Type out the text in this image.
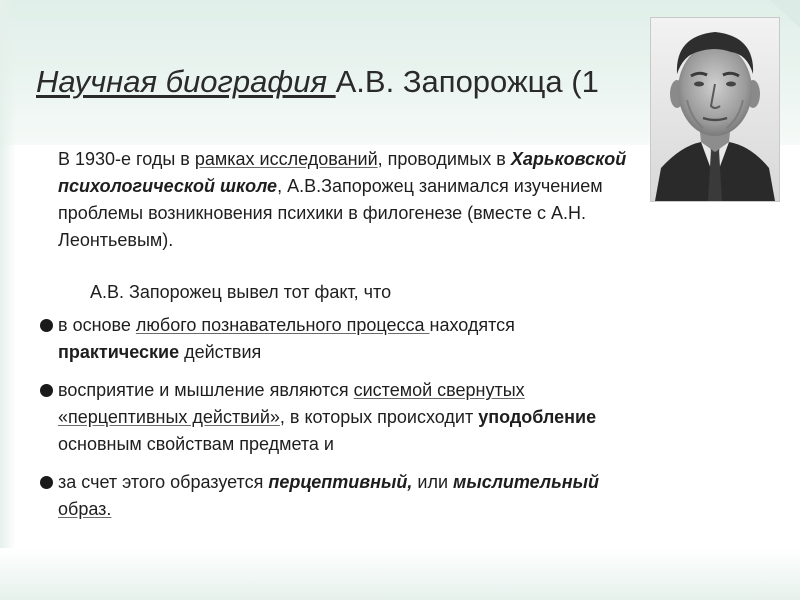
Научная биография А.В. Запорожца (1
В 1930-е годы в рамках исследований, проводимых в Харьковской психологической школе, А.В.Запорожец занимался изучением проблемы возникновения психики в филогенезе (вместе с А.Н. Леонтьевым).
А.В. Запорожец вывел тот факт, что
в основе любого познавательного процесса находятся практические действия
восприятие и мышление являются системой свернутых «перцептивных действий», в которых происходит уподобление основным свойствам предмета и
за счет этого образуется перцептивный, или мыслительный образ.
